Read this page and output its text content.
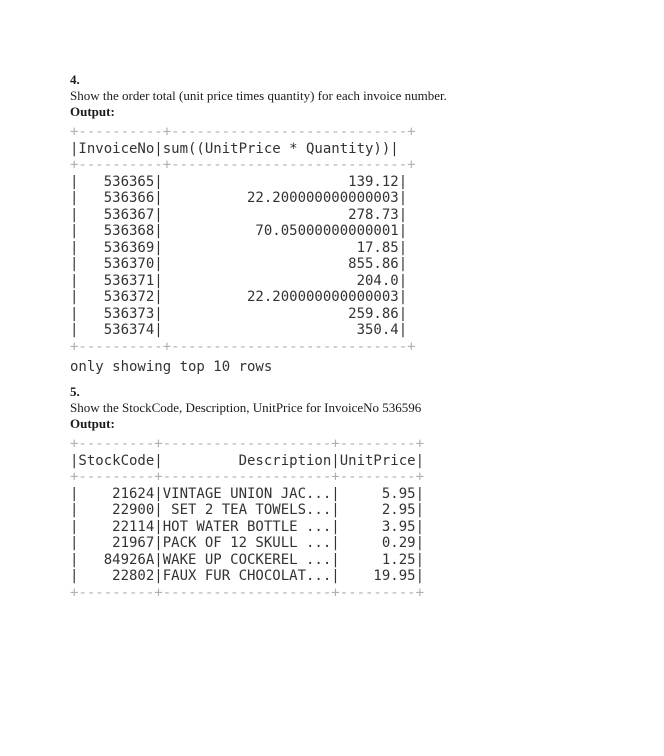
4.
Show the order total (unit price times quantity) for each invoice number.
Output:
+----------+----------------------------+
|InvoiceNo|sum((UnitPrice * Quantity))|
+----------+----------------------------+
|   536365|                      139.12|
|   536366|          22.200000000000003|
|   536367|                      278.73|
|   536368|           70.05000000000001|
|   536369|                       17.85|
|   536370|                      855.86|
|   536371|                       204.0|
|   536372|          22.200000000000003|
|   536373|                      259.86|
|   536374|                       350.4|
+----------+----------------------------+
only showing top 10 rows
5.
Show the StockCode, Description, UnitPrice for InvoiceNo 536596
Output:
+---------+--------------------+---------+
|StockCode|         Description|UnitPrice|
+---------+--------------------+---------+
|    21624|VINTAGE UNION JAC...|     5.95|
|    22900| SET 2 TEA TOWELS...|     2.95|
|    22114|HOT WATER BOTTLE ...|     3.95|
|    21967|PACK OF 12 SKULL ...|     0.29|
|   84926A|WAKE UP COCKEREL ...|     1.25|
|    22802|FAUX FUR CHOCOLAT...|    19.95|
+---------+--------------------+---------+
